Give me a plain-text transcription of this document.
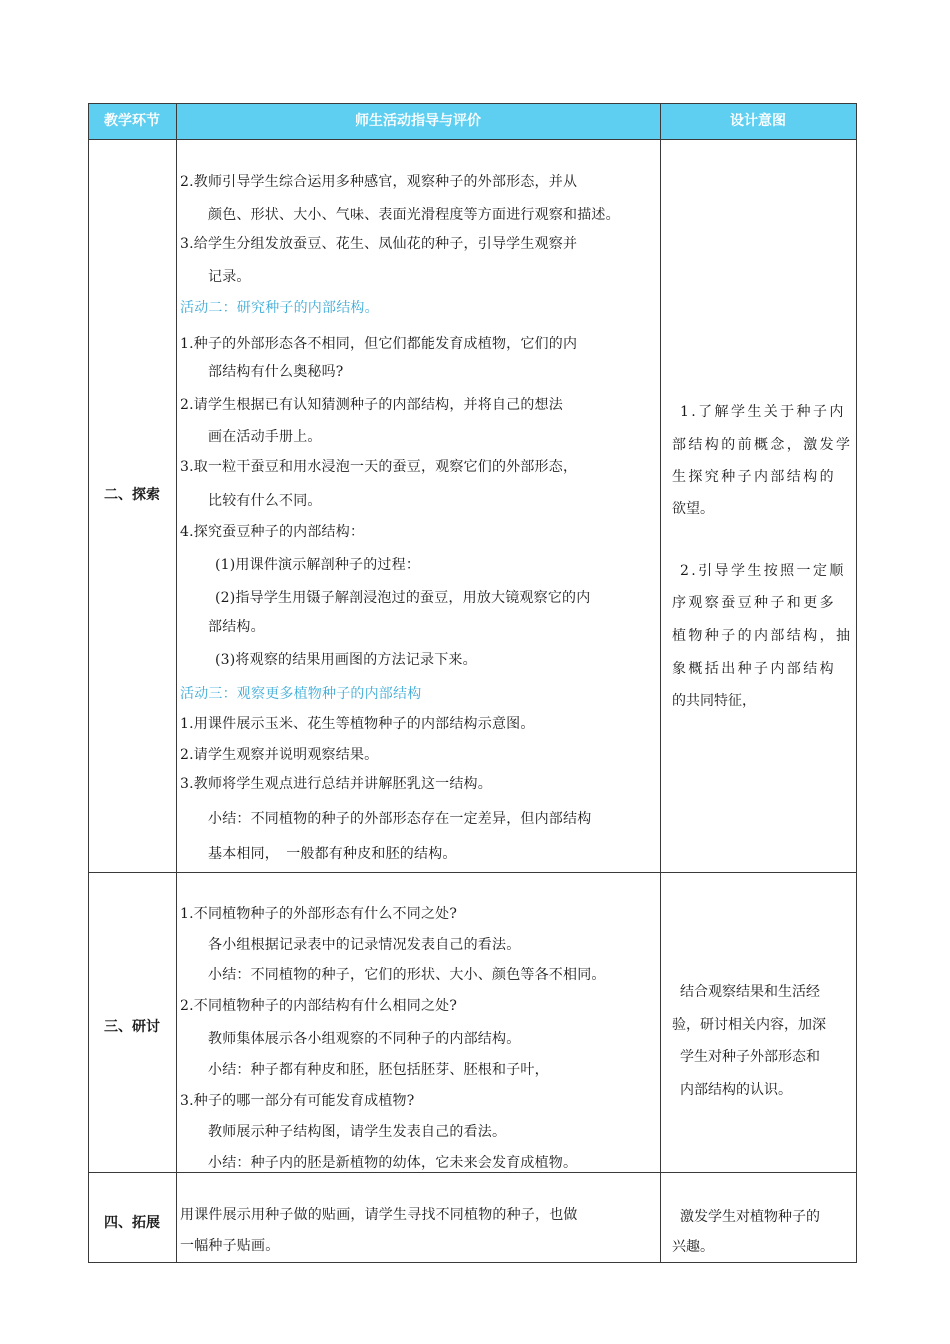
教学环节	师生活动指导与评价	设计意图
二、探索
三、研讨
四、拓展
2.教师引导学生综合运用多种感官，观察种子的外部形态，并从
颜色、形状、大小、气味、表面光滑程度等方面进行观察和描述。
3.给学生分组发放蚕豆、花生、凤仙花的种子，引导学生观察并
记录。
活动二：研究种子的内部结构。
1.种子的外部形态各不相同，但它们都能发育成植物，它们的内
部结构有什么奥秘吗?
2.请学生根据已有认知猜测种子的内部结构，并将自己的想法
画在活动手册上。
3.取一粒干蚕豆和用水浸泡一天的蚕豆，观察它们的外部形态，
比较有什么不同。
4.探究蚕豆种子的内部结构：
(1)用课件演示解剖种子的过程：
(2)指导学生用镊子解剖浸泡过的蚕豆，用放大镜观察它的内
部结构。
(3)将观察的结果用画图的方法记录下来。
活动三：观察更多植物种子的内部结构
1.用课件展示玉米、花生等植物种子的内部结构示意图。
2.请学生观察并说明观察结果。
3.教师将学生观点进行总结并讲解胚乳这一结构。
小结：不同植物的种子的外部形态存在一定差异，但内部结构
基本相同，　一般都有种皮和胚的结构。
1.了解学生关于种子内
部结构的前概念，激发学
生探究种子内部结构的
欲望。
2.引导学生按照一定顺
序观察蚕豆种子和更多
植物种子的内部结构，抽
象概括出种子内部结构
的共同特征，
1.不同植物种子的外部形态有什么不同之处?
各小组根据记录表中的记录情况发表自己的看法。
小结：不同植物的种子，它们的形状、大小、颜色等各不相同。
2.不同植物种子的内部结构有什么相同之处?
教师集体展示各小组观察的不同种子的内部结构。
小结：种子都有种皮和胚，胚包括胚芽、胚根和子叶，
3.种子的哪一部分有可能发育成植物?
教师展示种子结构图，请学生发表自己的看法。
小结：种子内的胚是新植物的幼体，它未来会发育成植物。
结合观察结果和生活经
验，研讨相关内容，加深
学生对种子外部形态和
内部结构的认识。
用课件展示用种子做的贴画，请学生寻找不同植物的种子，也做
一幅种子贴画。
激发学生对植物种子的
兴趣。
